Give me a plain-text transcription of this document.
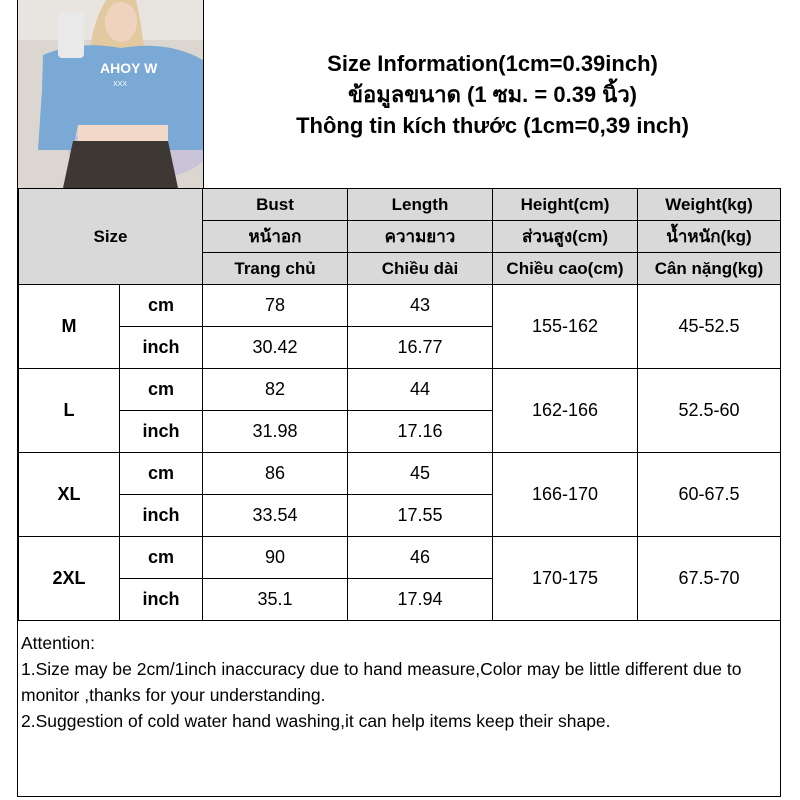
AHOY W
XXX
Size Information(1cm=0.39inch)
ข้อมูลขนาด (1 ซม. = 0.39 นิ้ว)
Thông tin kích thước (1cm=0,39 inch)
Size		Bust	Length	Height(cm)	Weight(kg)
		หน้าอก	ความยาว	ส่วนสูง(cm)	น้ำหนัก(kg)
		Trang chủ	Chiều dài	Chiều cao(cm)	Cân nặng(kg)
M	cm	78	43	155-162	45-52.5
	inch	30.42	16.77		
L	cm	82	44	162-166	52.5-60
	inch	31.98	17.16		
XL	cm	86	45	166-170	60-67.5
	inch	33.54	17.55		
2XL	cm	90	46	170-175	67.5-70
	inch	35.1	17.94		

Attention:

1.Size may be 2cm/1inch inaccuracy due to hand measure,Color may be little different due to monitor ,thanks for your understanding.

2.Suggestion of cold water hand washing,it can help items keep their shape.
